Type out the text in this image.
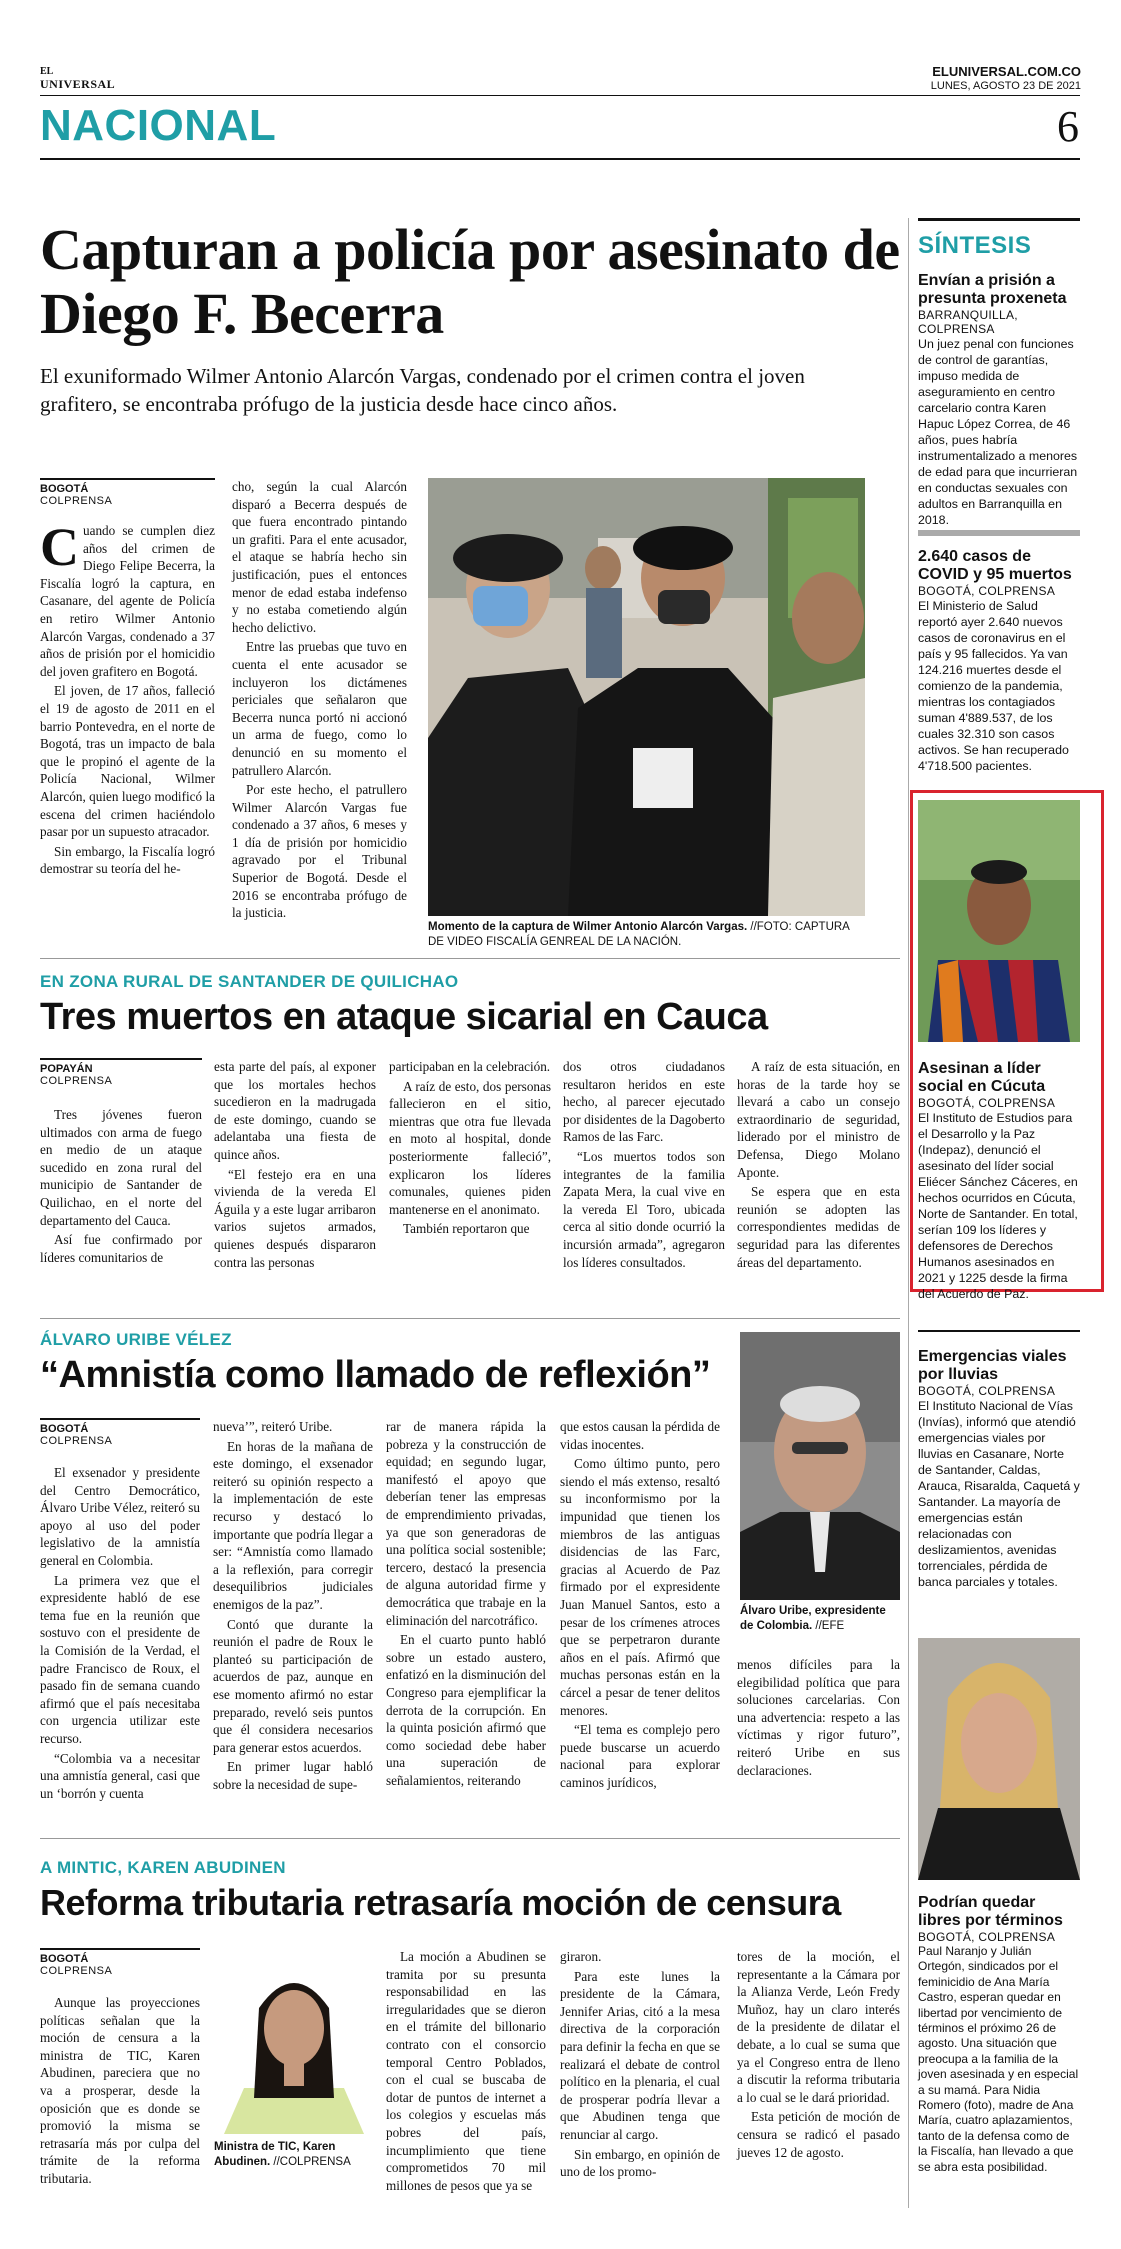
EL
UNIVERSAL
ELUNIVERSAL.COM.CO
LUNES, AGOSTO 23 DE 2021
NACIONAL	6
Capturan a policía por asesinato de Diego F. Becerra
El exuniformado Wilmer Antonio Alarcón Vargas, condenado por el crimen contra el joven grafitero, se encontraba prófugo de la justicia desde hace cinco años.
BOGOTÁ
COLPRENSA

Cuando se cumplen diez años del crimen de Diego Felipe Becerra, la Fiscalía logró la captura, en Casanare, del agente de Policía en retiro Wilmer Antonio Alarcón Vargas, condenado a 37 años de prisión por el homicidio del joven grafitero en Bogotá.

El joven, de 17 años, falleció el 19 de agosto de 2011 en el barrio Pontevedra, en el norte de Bogotá, tras un impacto de bala que le propinó el agente de la Policía Nacional, Wilmer Alarcón, quien luego modificó la escena del crimen haciéndolo pasar por un supuesto atracador.

Sin embargo, la Fiscalía logró demostrar su teoría del he-

cho, según la cual Alarcón disparó a Becerra después de que fuera encontrado pintando un grafiti. Para el ente acusador, el ataque se habría hecho sin justificación, pues el entonces menor de edad estaba indefenso y no estaba cometiendo algún hecho delictivo.

Entre las pruebas que tuvo en cuenta el ente acusador se incluyeron los dictámenes periciales que señalaron que Becerra nunca portó ni accionó un arma de fuego, como lo denunció en su momento el patrullero Alarcón.

Por este hecho, el patrullero Wilmer Alarcón Vargas fue condenado a 37 años, 6 meses y 1 día de prisión por homicidio agravado por el Tribunal Superior de Bogotá. Desde el 2016 se encontraba prófugo de la justicia.

Momento de la captura de Wilmer Antonio Alarcón Vargas. //FOTO: CAPTURA DE VIDEO FISCALÍA GENREAL DE LA NACIÓN.
EN ZONA RURAL DE SANTANDER DE QUILICHAO
Tres muertos en ataque sicarial en Cauca
POPAYÁN
COLPRENSA

Tres jóvenes fueron ultimados con arma de fuego en medio de un ataque sucedido en zona rural del municipio de Santander de Quilichao, en el norte del departamento del Cauca.

Así fue confirmado por líderes comunitarios de

esta parte del país, al exponer que los mortales hechos sucedieron en la madrugada de este domingo, cuando se adelantaba una fiesta de quince años.

“El festejo era en una vivienda de la vereda El Águila y a este lugar arribaron varios sujetos armados, quienes después dispararon contra las personas

participaban en la celebración.

A raíz de esto, dos personas fallecieron en el sitio, mientras que otra fue llevada en moto al hospital, donde posteriormente falleció”, explicaron los líderes comunales, quienes piden mantenerse en el anonimato.

También reportaron que

dos otros ciudadanos resultaron heridos en este hecho, al parecer ejecutado por disidentes de la Dagoberto Ramos de las Farc.

“Los muertos todos son integrantes de la familia Zapata Mera, la cual vive en la vereda El Toro, ubicada cerca al sitio donde ocurrió la incursión armada”, agregaron los líderes consultados.

A raíz de esta situación, en horas de la tarde hoy se llevará a cabo un consejo extraordinario de seguridad, liderado por el ministro de Defensa, Diego Molano Aponte.

Se espera que en esta reunión se adopten las correspondientes medidas de seguridad para las diferentes áreas del departamento.

ÁLVARO URIBE VÉLEZ
“Amnistía como llamado de reflexión”
BOGOTÁ
COLPRENSA

El exsenador y presidente del Centro Democrático, Álvaro Uribe Vélez, reiteró su apoyo al uso del poder legislativo de la amnistía general en Colombia.

La primera vez que el expresidente habló de ese tema fue en la reunión que sostuvo con el presidente de la Comisión de la Verdad, el padre Francisco de Roux, el pasado fin de semana cuando afirmó que el país necesitaba con urgencia utilizar este recurso.

“Colombia va a necesitar una amnistía general, casi que un ‘borrón y cuenta

nueva’”, reiteró Uribe.

En horas de la mañana de este domingo, el exsenador reiteró su opinión respecto a la implementación de este recurso y destacó lo importante que podría llegar a ser: “Amnistía como llamado a la reflexión, para corregir desequilibrios judiciales enemigos de la paz”.

Contó que durante la reunión el padre de Roux le planteó su participación de acuerdos de paz, aunque en ese momento afirmó no estar preparado, reveló seis puntos que él considera necesarios para generar estos acuerdos.

En primer lugar habló sobre la necesidad de supe-

rar de manera rápida la pobreza y la construcción de equidad; en segundo lugar, manifestó el apoyo que deberían tener las empresas de emprendimiento privadas, ya que son generadoras de una política social sostenible; tercero, destacó la presencia de alguna autoridad firme y democrática que trabaje en la eliminación del narcotráfico.

En el cuarto punto habló sobre un estado austero, enfatizó en la disminución del Congreso para ejemplificar la derrota de la corrupción. En la quinta posición afirmó que como sociedad debe haber una superación de señalamientos, reiterando

que estos causan la pérdida de vidas inocentes.

Como último punto, pero siendo el más extenso, resaltó su inconformismo por la impunidad que tienen los miembros de las antiguas disidencias de las Farc, gracias al Acuerdo de Paz firmado por el expresidente Juan Manuel Santos, esto a pesar de los crímenes atroces que se perpetraron durante años en el país. Afirmó que muchas personas están en la cárcel a pesar de tener delitos menores.

“El tema es complejo pero puede buscarse un acuerdo nacional para explorar caminos jurídicos,

Álvaro Uribe, expresidente de Colombia. //EFE

menos difíciles para la elegibilidad política que para soluciones carcelarias. Con una advertencia: respeto a las víctimas y rigor futuro”, reiteró Uribe en sus declaraciones.

A MINTIC, KAREN ABUDINEN
Reforma tributaria retrasaría moción de censura
BOGOTÁ
COLPRENSA

Aunque las proyecciones políticas señalan que la moción de censura a la ministra de TIC, Karen Abudinen, pareciera que no va a prosperar, desde la oposición que es donde se promovió la misma se retrasaría más por culpa del trámite de la reforma tributaria.

Ministra de TIC, Karen Abudinen. //COLPRENSA

La moción a Abudinen se tramita por su presunta responsabilidad en las irregularidades que se dieron en el trámite del billonario contrato con el consorcio temporal Centro Poblados, con el cual se buscaba de dotar de puntos de internet a los colegios y escuelas más pobres del país, incumplimiento que tiene comprometidos 70 mil millones de pesos que ya se

giraron.

Para este lunes la presidente de la Cámara, Jennifer Arias, citó a la mesa directiva de la corporación para definir la fecha en que se realizará el debate de control político en la plenaria, el cual de prosperar podría llevar a que Abudinen tenga que renunciar al cargo.

Sin embargo, en opinión de uno de los promo-

tores de la moción, el representante a la Cámara por la Alianza Verde, León Fredy Muñoz, hay un claro interés de la presidente de dilatar el debate, a lo cual se suma que ya el Congreso entra de lleno a discutir la reforma tributaria a lo cual se le dará prioridad.

Esta petición de moción de censura se radicó el pasado jueves 12 de agosto.

SÍNTESIS
Envían a prisión a presunta proxeneta
BARRANQUILLA, COLPRENSA
Un juez penal con funciones de control de garantías, impuso medida de aseguramiento en centro carcelario contra Karen Hapuc López Correa, de 46 años, pues habría instrumentalizado a menores de edad para que incurrieran en conductas sexuales con adultos en Barranquilla en 2018.
2.640 casos de COVID y 95 muertos
BOGOTÁ, COLPRENSA
El Ministerio de Salud reportó ayer 2.640 nuevos casos de coronavirus en el país y 95 fallecidos. Ya van 124.216 muertes desde el comienzo de la pandemia, mientras los contagiados suman 4'889.537, de los cuales 32.310 son casos activos. Se han recuperado 4'718.500 pacientes.
Asesinan a líder social en Cúcuta
BOGOTÁ, COLPRENSA
El Instituto de Estudios para el Desarrollo y la Paz (Indepaz), denunció el asesinato del líder social Eliécer Sánchez Cáceres, en hechos ocurridos en Cúcuta, Norte de Santander. En total, serían 109 los líderes y defensores de Derechos Humanos asesinados en 2021 y 1225 desde la firma del Acuerdo de Paz.
Emergencias viales por lluvias
BOGOTÁ, COLPRENSA
El Instituto Nacional de Vías (Invías), informó que atendió emergencias viales por lluvias en Casanare, Norte de Santander, Caldas, Arauca, Risaralda, Caquetá y Santander. La mayoría de emergencias están relacionadas con deslizamientos, avenidas torrenciales, pérdida de banca parciales y totales.
Podrían quedar libres por términos
BOGOTÁ, COLPRENSA
Paul Naranjo y Julián Ortegón, sindicados por el feminicidio de Ana María Castro, esperan quedar en libertad por vencimiento de términos el próximo 26 de agosto. Una situación que preocupa a la familia de la joven asesinada y en especial a su mamá. Para Nidia Romero (foto), madre de Ana María, cuatro aplazamientos, tanto de la defensa como de la Fiscalía, han llevado a que se abra esta posibilidad.
